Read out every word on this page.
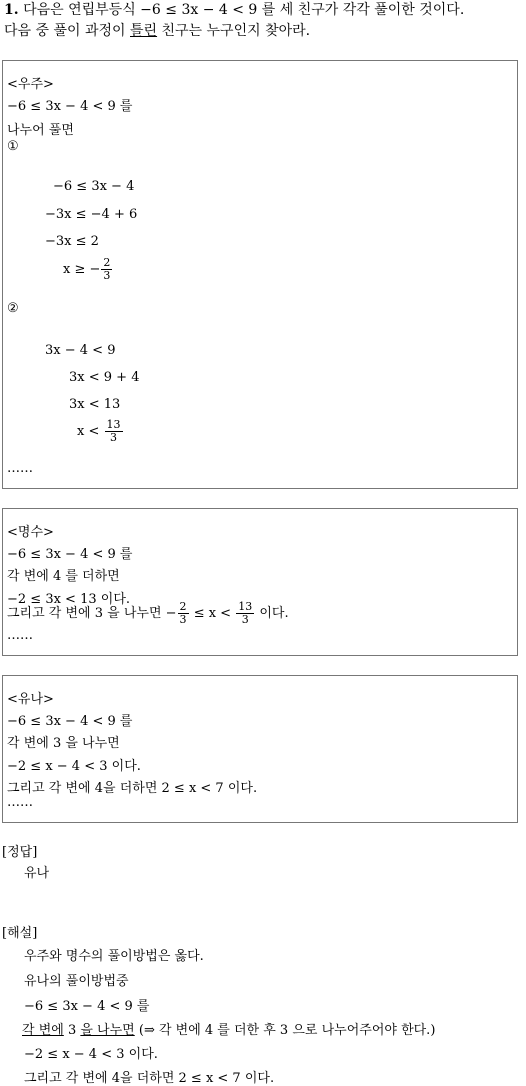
1. 다음은 연립부등식 −6 ≤ 3x − 4 < 9 를 세 친구가 각각 풀이한 것이다.
다음 중 풀이 과정이 틀린 친구는 누구인지 찾아라.
<우주>
−6 ≤ 3x − 4 < 9 를
나누어 풀면
①
−6 ≤ 3x − 4
−3x ≤ −4 + 6
−3x ≤ 2
x ≥ − $\frac{2}{3}$
②
3x − 4 < 9
3x < 9 + 4
3x < 13
$x < \frac{13}{3}$
……
<명수>
−6 ≤ 3x − 4 < 9 를
각 변에 4 를 더하면
−2 ≤ 3x < 13 이다.
그리고 각 변에 3 을 나누면 − $\frac{2}{3} \le x < \frac{13}{3}$ 이다.
……
<유나>
−6 ≤ 3x − 4 < 9 를
각 변에 3 을 나누면
−2 ≤ x − 4 < 3 이다.
그리고 각 변에 4을 더하면 2 ≤ x < 7 이다.
……
[정답]
유나
[해설]
우주와 명수의 풀이방법은 옳다.
유나의 풀이방법중
−6 ≤ 3x − 4 < 9 를
각 변에 3 을 나누면 (⇒ 각 변에 4 를 더한 후 3 으로 나누어주어야 한다.)
−2 ≤ x − 4 < 3 이다.
그리고 각 변에 4을 더하면 2 ≤ x < 7 이다.
